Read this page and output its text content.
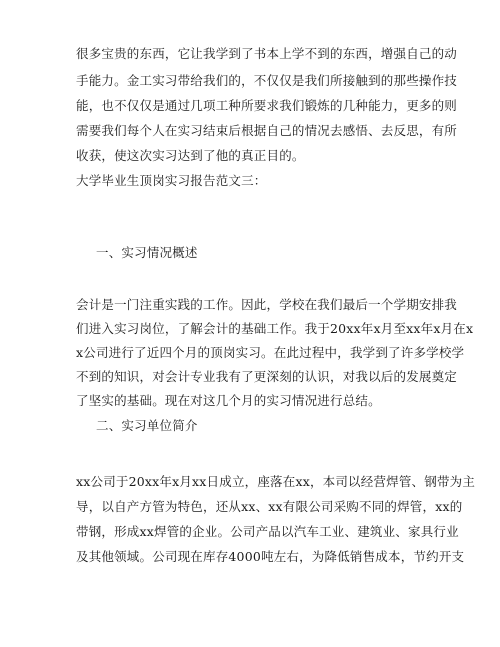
很多宝贵的东西，它让我学到了书本上学不到的东西，增强自己的动
手能力。金工实习带给我们的，不仅仅是我们所接触到的那些操作技
能，也不仅仅是通过几项工种所要求我们锻炼的几种能力，更多的则
需要我们每个人在实习结束后根据自己的情况去感悟、去反思，有所
收获，使这次实习达到了他的真正目的。
大学毕业生顶岗实习报告范文三：
一、实习情况概述
会计是一门注重实践的工作。因此，学校在我们最后一个学期安排我
们进入实习岗位，了解会计的基础工作。我于20xx年x月至xx年x月在x
x公司进行了近四个月的顶岗实习。在此过程中，我学到了许多学校学
不到的知识，对会计专业我有了更深刻的认识，对我以后的发展奠定
了坚实的基础。现在对这几个月的实习情况进行总结。
二、实习单位简介
xx公司于20xx年x月xx日成立，座落在xx，本司以经营焊管、钢带为主
导，以自产方管为特色，还从xx、xx有限公司采购不同的焊管，xx的
带钢，形成xx焊管的企业。公司产品以汽车工业、建筑业、家具行业
及其他领域。公司现在库存4000吨左右，为降低销售成本，节约开支
